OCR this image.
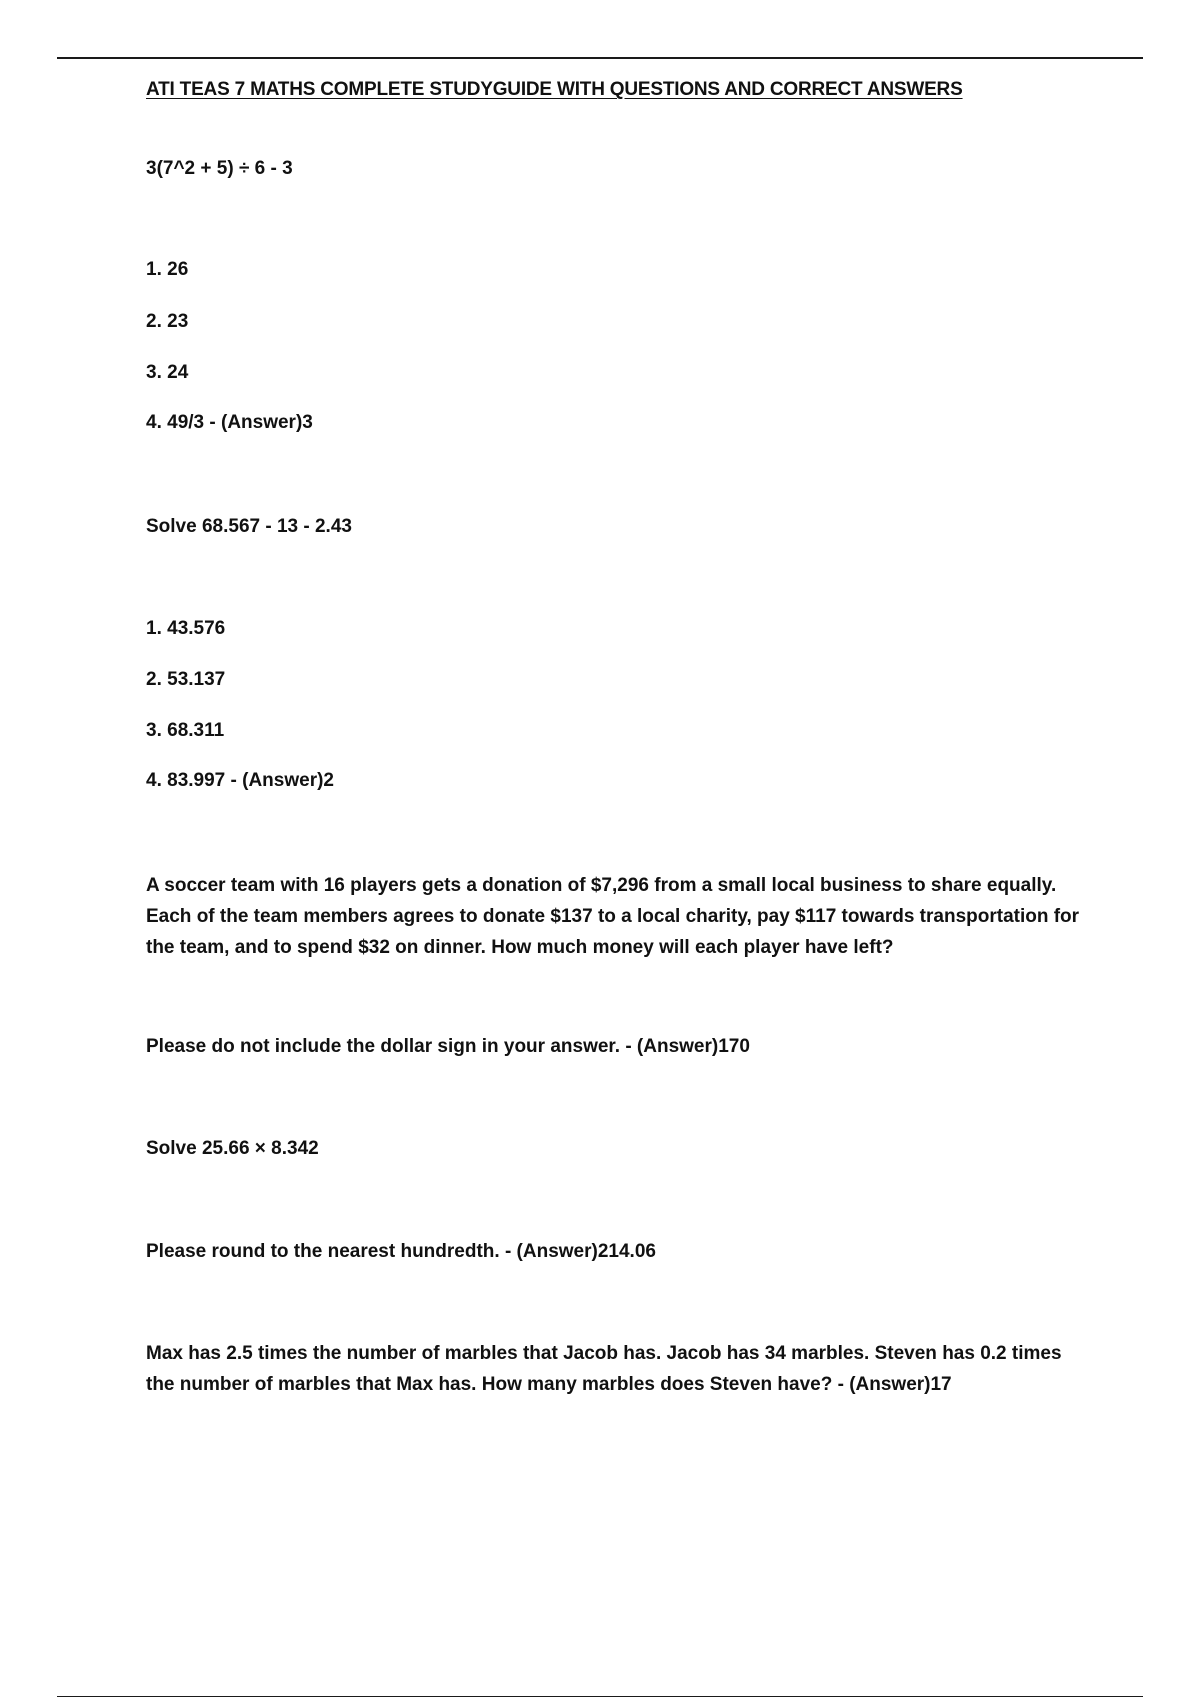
ATI TEAS 7 MATHS COMPLETE STUDYGUIDE WITH QUESTIONS AND CORRECT ANSWERS
3(7^2 + 5) ÷ 6 - 3
1. 26
2. 23
3. 24
4. 49/3 - (Answer)3
Solve 68.567 - 13 - 2.43
1. 43.576
2. 53.137
3. 68.311
4. 83.997 - (Answer)2
A soccer team with 16 players gets a donation of $7,296 from a small local business to share equally. Each of the team members agrees to donate $137 to a local charity, pay $117 towards transportation for the team, and to spend $32 on dinner. How much money will each player have left?
Please do not include the dollar sign in your answer. - (Answer)170
Solve 25.66 × 8.342
Please round to the nearest hundredth. - (Answer)214.06
Max has 2.5 times the number of marbles that Jacob has. Jacob has 34 marbles. Steven has 0.2 times the number of marbles that Max has. How many marbles does Steven have? - (Answer)17
